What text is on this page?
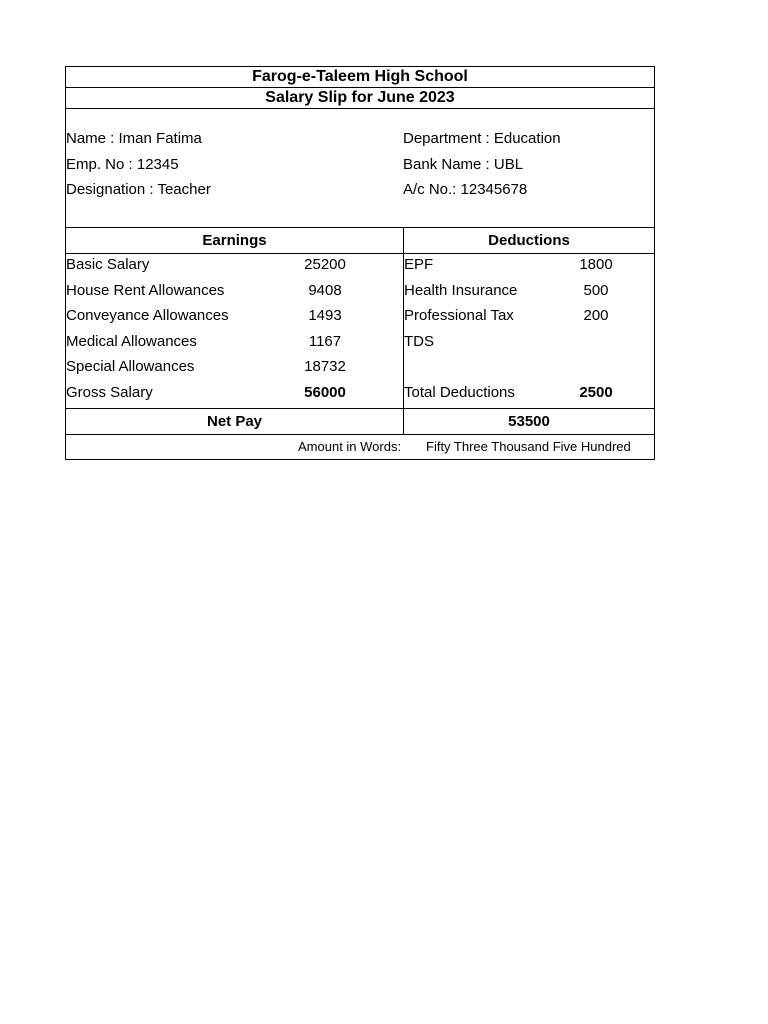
Farog-e-Taleem High School
Salary Slip for June 2023
Name : Iman Fatima
Emp. No : 12345
Designation : Teacher
Department : Education
Bank Name : UBL
A/c No.: 12345678
Earnings
Basic Salary	25200
House Rent Allowances	9408
Conveyance Allowances	1493
Medical Allowances	1167
Special Allowances	18732
Gross Salary	56000
Deductions
EPF	1800
Health Insurance	500
Professional Tax	200
TDS
Total Deductions	2500
Net Pay	53500
Amount in Words: Fifty Three Thousand Five Hundred
